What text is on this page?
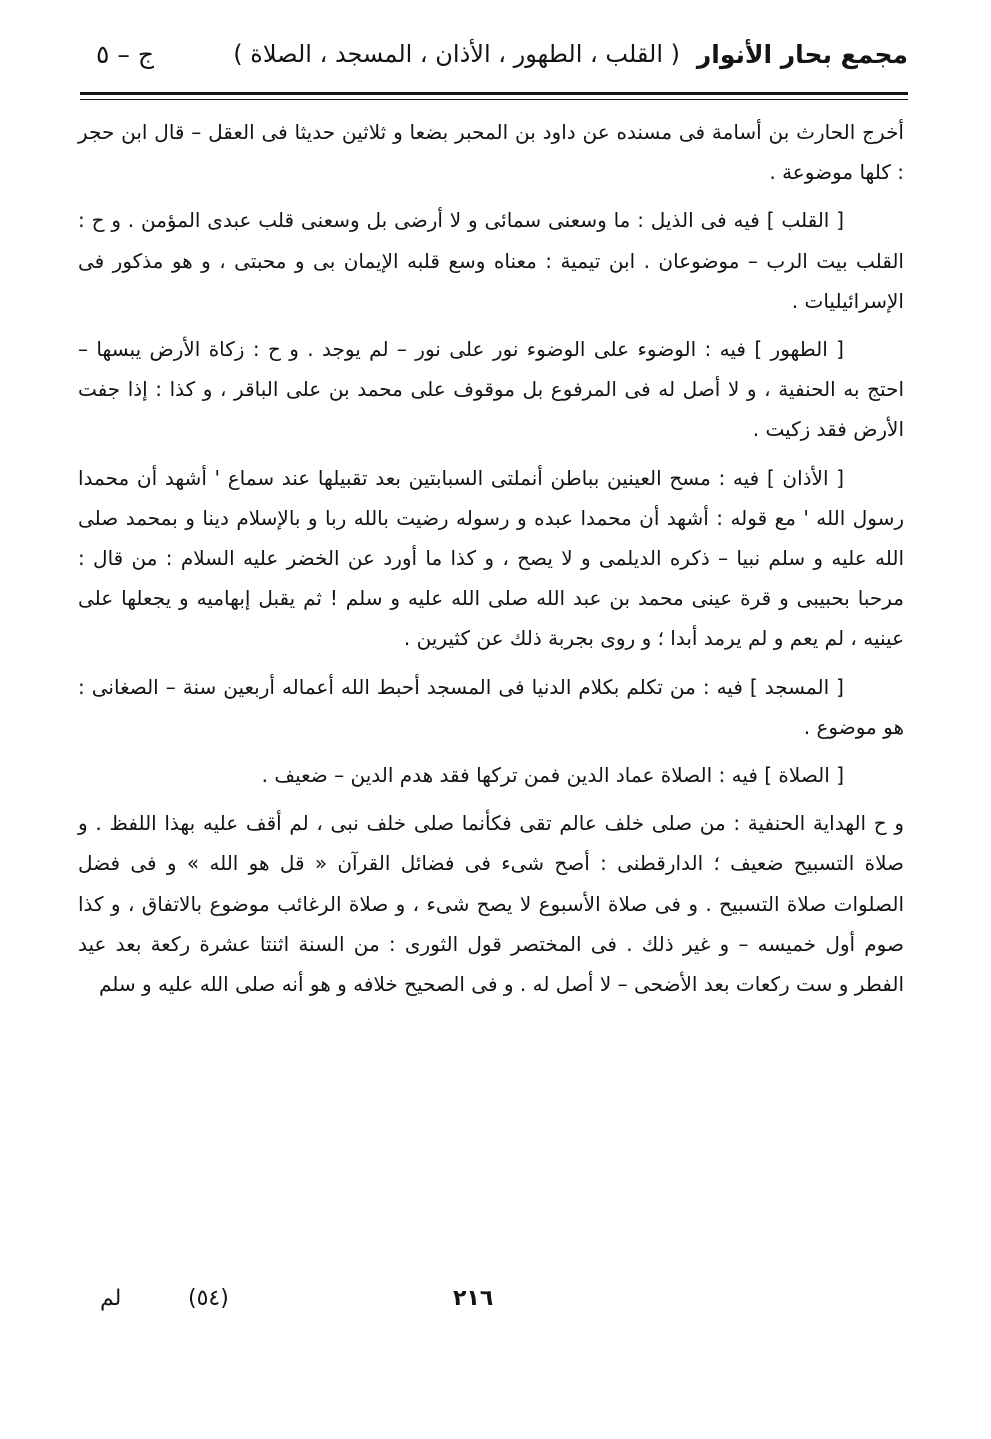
مجمع بحار الأنوار
( القلب ، الطهور ، الأذان ، المسجد ، الصلاة )
ج – ٥

أخرج الحارث بن أسامة فى مسنده عن داود بن المحبر بضعا و ثلاثين حديثا فى العقل – قال ابن حجر : كلها موضوعة .

[ القلب ] فيه فى الذيل : ما وسعنى سمائى و لا أرضى بل وسعنى قلب عبدى المؤمن . و ح : القلب بيت الرب – موضوعان . ابن تيمية : معناه وسع قلبه الإيمان بى و محبتى ، و هو مذكور فى الإسرائيليات .

[ الطهور ] فيه : الوضوء على الوضوء نور على نور – لم يوجد . و ح : زكاة الأرض يبسها – احتج به الحنفية ، و لا أصل له فى المرفوع بل موقوف على محمد بن على الباقر ، و كذا : إذا جفت الأرض فقد زكيت .

[ الأذان ] فيه : مسح العينين بباطن أنملتى السبابتين بعد تقبيلها عند سماع ' أشهد أن محمدا رسول الله ' مع قوله : أشهد أن محمدا عبده و رسوله رضيت بالله ربا و بالإسلام دينا و بمحمد صلى الله عليه و سلم نبيا – ذكره الديلمى و لا يصح ، و كذا ما أورد عن الخضر عليه السلام : من قال : مرحبا بحبيبى و قرة عينى محمد بن عبد الله صلى الله عليه و سلم ! ثم يقبل إبهاميه و يجعلها على عينيه ، لم يعم و لم يرمد أبدا ؛ و روى بجربة ذلك عن كثيرين .

[ المسجد ] فيه : من تكلم بكلام الدنيا فى المسجد أحبط الله أعماله أربعين سنة – الصغانى : هو موضوع .

[ الصلاة ] فيه : الصلاة عماد الدين فمن تركها فقد هدم الدين – ضعيف .

و ح الهداية الحنفية : من صلى خلف عالم تقى فكأنما صلى خلف نبى ، لم أقف عليه بهذا اللفظ . و صلاة التسبيح ضعيف ؛ الدارقطنى : أصح شىء فى فضائل القرآن « قل هو الله » و فى فضل الصلوات صلاة التسبيح . و فى صلاة الأسبوع لا يصح شىء ، و صلاة الرغائب موضوع بالاتفاق ، و كذا صوم أول خميسه – و غير ذلك . فى المختصر قول الثورى : من السنة اثنتا عشرة ركعة بعد عيد الفطر و ست ركعات بعد الأضحى – لا أصل له . و فى الصحيح خلافه و هو أنه صلى الله عليه و سلم

لم	(٥٤)	٢١٦
